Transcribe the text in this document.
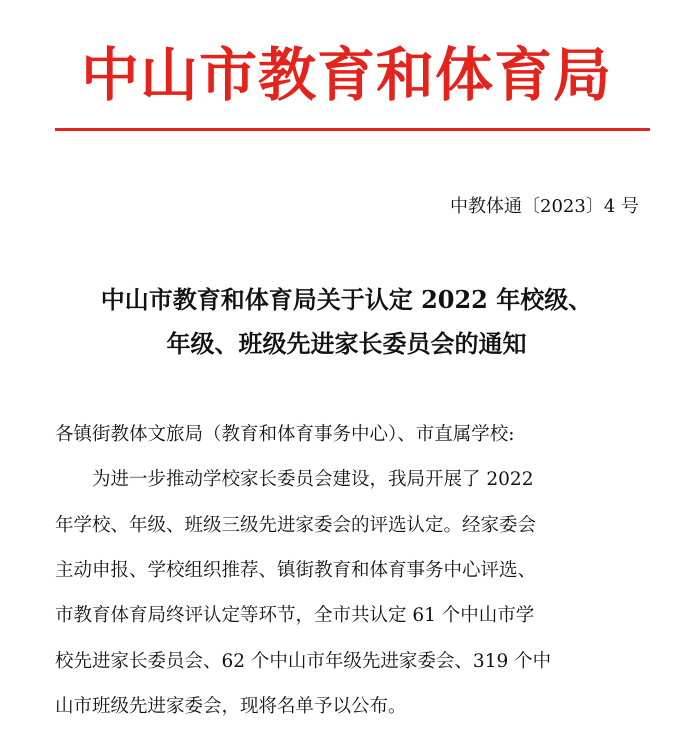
中山市教育和体育局
中教体通〔2023〕4 号
中山市教育和体育局关于认定 2022 年校级、
年级、班级先进家长委员会的通知
各镇街教体文旅局（教育和体育事务中心）、市直属学校:
为进一步推动学校家长委员会建设，我局开展了 2022
年学校、年级、班级三级先进家委会的评选认定。经家委会
主动申报、学校组织推荐、镇街教育和体育事务中心评选、
市教育体育局终评认定等环节，全市共认定 61 个中山市学
校先进家长委员会、62 个中山市年级先进家委会、319 个中
山市班级先进家委会，现将名单予以公布。
